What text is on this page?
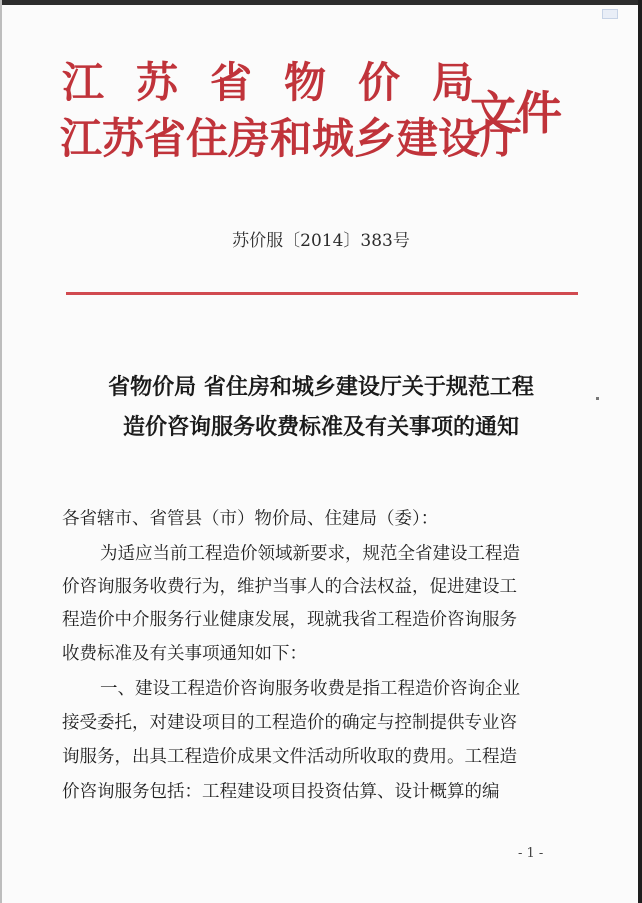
江苏省物价局
江苏省住房和城乡建设厅
文件
苏价服〔2014〕383号
省物价局 省住房和城乡建设厅关于规范工程
造价咨询服务收费标准及有关事项的通知
各省辖市、省管县（市）物价局、住建局（委）：
为适应当前工程造价领域新要求，规范全省建设工程造
价咨询服务收费行为，维护当事人的合法权益，促进建设工
程造价中介服务行业健康发展，现就我省工程造价咨询服务
收费标准及有关事项通知如下：
一、建设工程造价咨询服务收费是指工程造价咨询企业
接受委托，对建设项目的工程造价的确定与控制提供专业咨
询服务，出具工程造价成果文件活动所收取的费用。工程造
价咨询服务包括：工程建设项目投资估算、设计概算的编
- 1 -
